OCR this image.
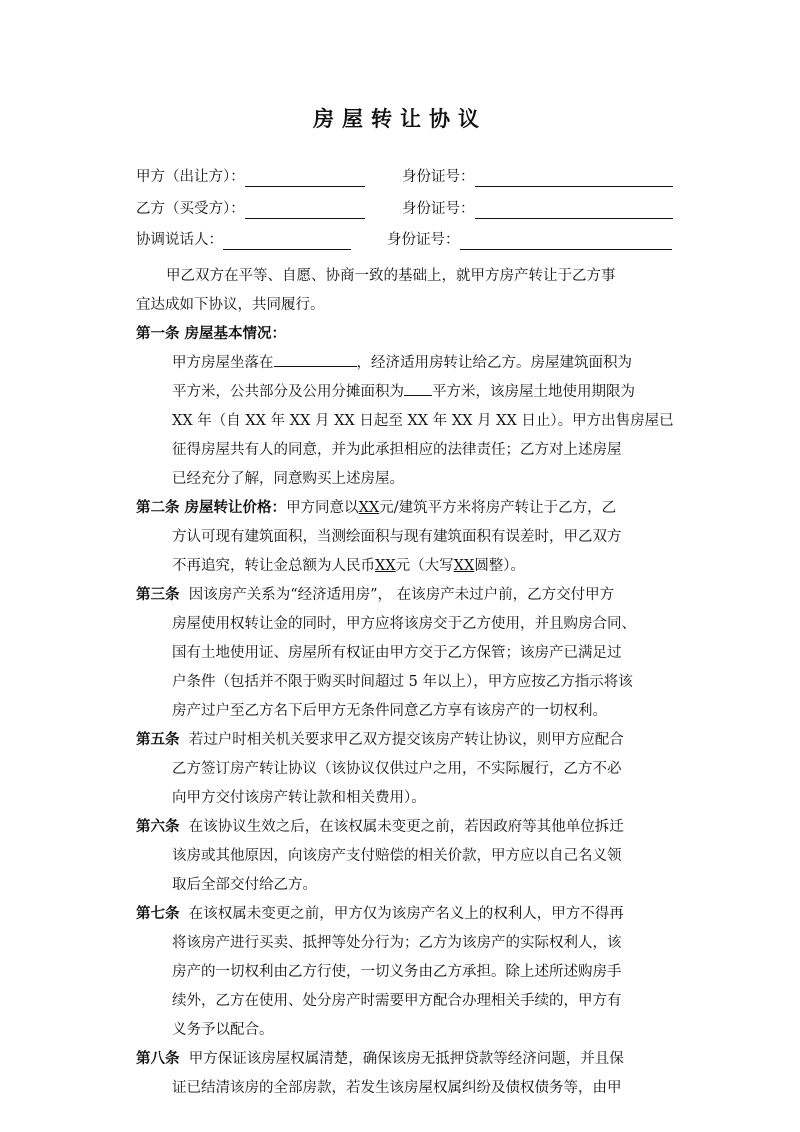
房屋转让协议
甲方（出让方）：	身份证号：
乙方（买受方）：	身份证号：
协调说话人：	身份证号：
甲乙双方在平等、自愿、协商一致的基础上，就甲方房产转让于乙方事
宜达成如下协议，共同履行。
第一条 房屋基本情况：
甲方房屋坐落在	，经济适用房转让给乙方。房屋建筑面积为
平方米，公共部分及公用分摊面积为 平方米，该房屋土地使用期限为
XX 年（自 XX 年 XX 月 XX 日起至 XX 年 XX 月 XX 日止）。甲方出售房屋已
征得房屋共有人的同意，并为此承担相应的法律责任；乙方对上述房屋
已经充分了解，同意购买上述房屋。
第二条 房屋转让价格：甲方同意以XX元/建筑平方米将房产转让于乙方，乙
方认可现有建筑面积，当测绘面积与现有建筑面积有误差时，甲乙双方
不再追究，转让金总额为人民币XX元（大写XX圆整）。
第三条 因该房产关系为“经济适用房”， 在该房产未过户前，乙方交付甲方
房屋使用权转让金的同时，甲方应将该房交于乙方使用，并且购房合同、
国有土地使用证、房屋所有权证由甲方交于乙方保管；该房产已满足过
户条件（包括并不限于购买时间超过 5 年以上），甲方应按乙方指示将该
房产过户至乙方名下后甲方无条件同意乙方享有该房产的一切权利。
第五条 若过户时相关机关要求甲乙双方提交该房产转让协议，则甲方应配合
乙方签订房产转让协议（该协议仅供过户之用，不实际履行，乙方不必
向甲方交付该房产转让款和相关费用）。
第六条 在该协议生效之后，在该权属未变更之前，若因政府等其他单位拆迁
该房或其他原因，向该房产支付赔偿的相关价款，甲方应以自己名义领
取后全部交付给乙方。
第七条 在该权属未变更之前，甲方仅为该房产名义上的权利人，甲方不得再
将该房产进行买卖、抵押等处分行为；乙方为该房产的实际权利人，该
房产的一切权利由乙方行使，一切义务由乙方承担。除上述所述购房手
续外，乙方在使用、处分房产时需要甲方配合办理相关手续的，甲方有
义务予以配合。
第八条 甲方保证该房屋权属清楚，确保该房无抵押贷款等经济问题，并且保
证已结清该房的全部房款，若发生该房屋权属纠纷及债权债务等，由甲
